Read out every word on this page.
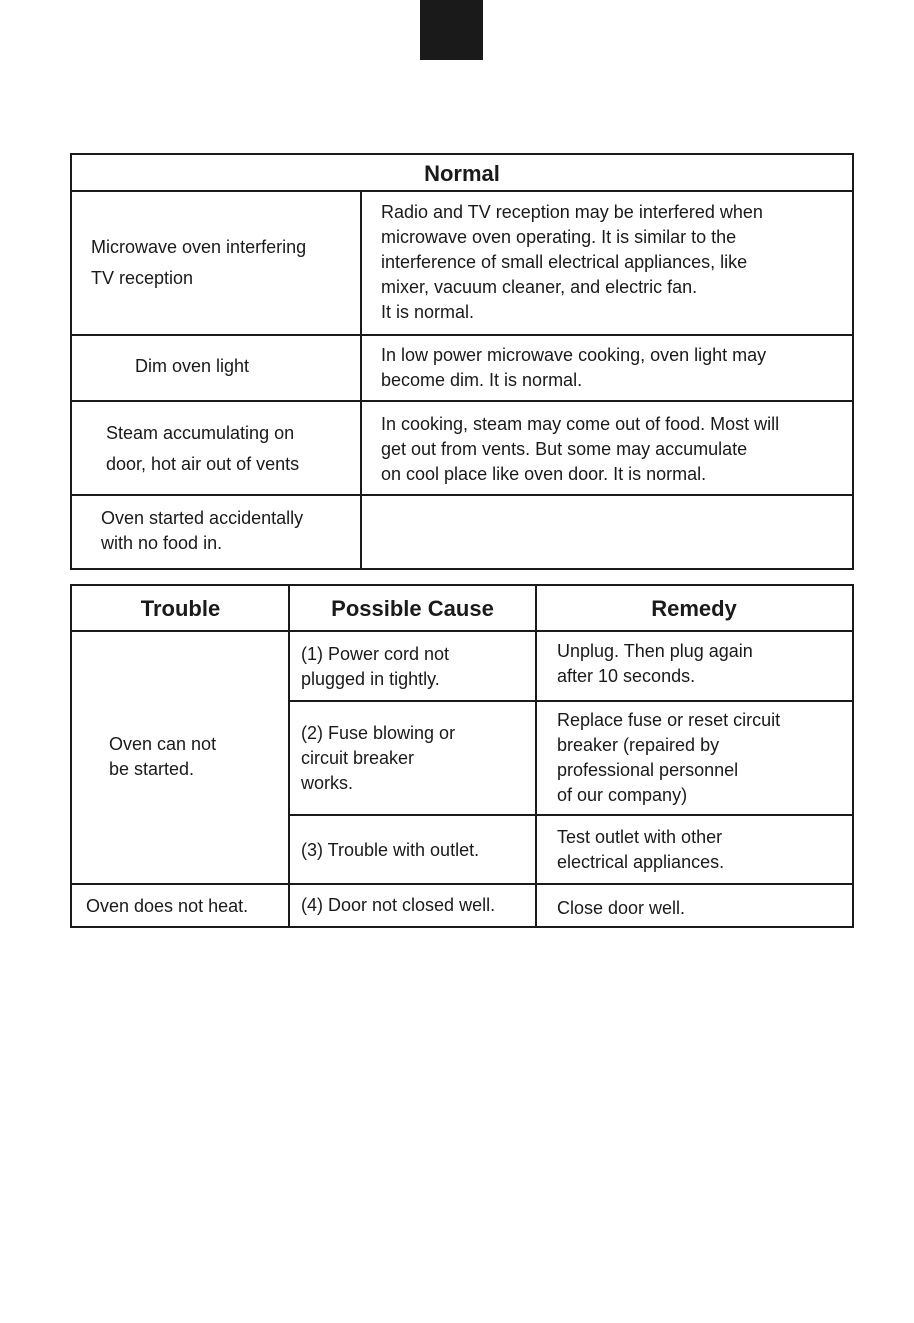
Normal
Microwave oven interfering
TV reception
Radio and TV reception may be interfered when
microwave oven operating. It is similar to the
interference of small electrical appliances, like
mixer, vacuum cleaner, and electric fan.
It is normal.
Dim oven light
In low power microwave cooking, oven light may
become dim. It is normal.
Steam accumulating on
door, hot air out of vents
In cooking, steam may come out of food. Most will
get out from vents. But some may accumulate
on cool place like oven door. It is normal.
Oven started accidentally
with no food in.
Trouble	Possible Cause	Remedy
Oven can not
be started.
Oven does not heat.
(1) Power cord not
plugged in tightly.
(2) Fuse blowing or
circuit breaker
works.
(3) Trouble with outlet.
(4) Door not closed well.
Unplug. Then plug again
after 10 seconds.
Replace fuse or reset circuit
breaker (repaired by
professional personnel
of our company)
Test outlet with other
electrical appliances.
Close door well.
